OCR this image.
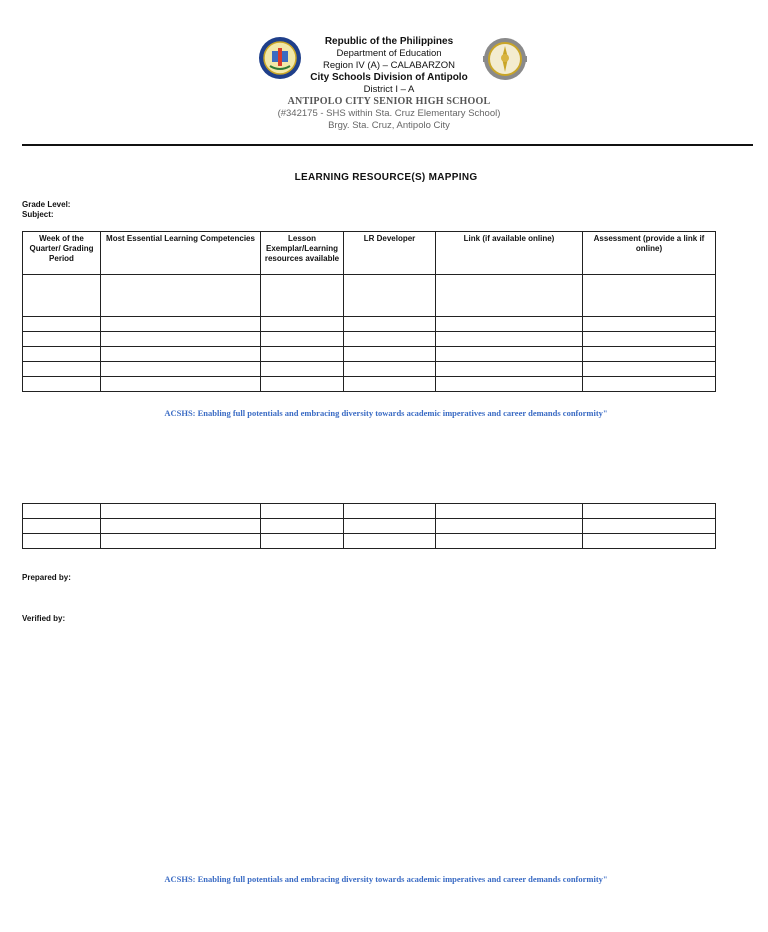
Republic of the Philippines
Department of Education
Region IV (A) – CALABARZON
City Schools Division of Antipolo
District I – A
ANTIPOLO CITY SENIOR HIGH SCHOOL
(#342175 - SHS within Sta. Cruz Elementary School)
Brgy. Sta. Cruz, Antipolo City
LEARNING RESOURCE(S) MAPPING
Grade Level:
Subject:
Week of the Quarter/ Grading Period	Most Essential Learning Competencies	Lesson Exemplar/Learning resources available	LR Developer	Link (if available online)	Assessment (provide a link if online)

ACSHS: Enabling full potentials and embracing diversity towards academic imperatives and career demands conformity"

Prepared by:
Verified by:
ACSHS: Enabling full potentials and embracing diversity towards academic imperatives and career demands conformity"
